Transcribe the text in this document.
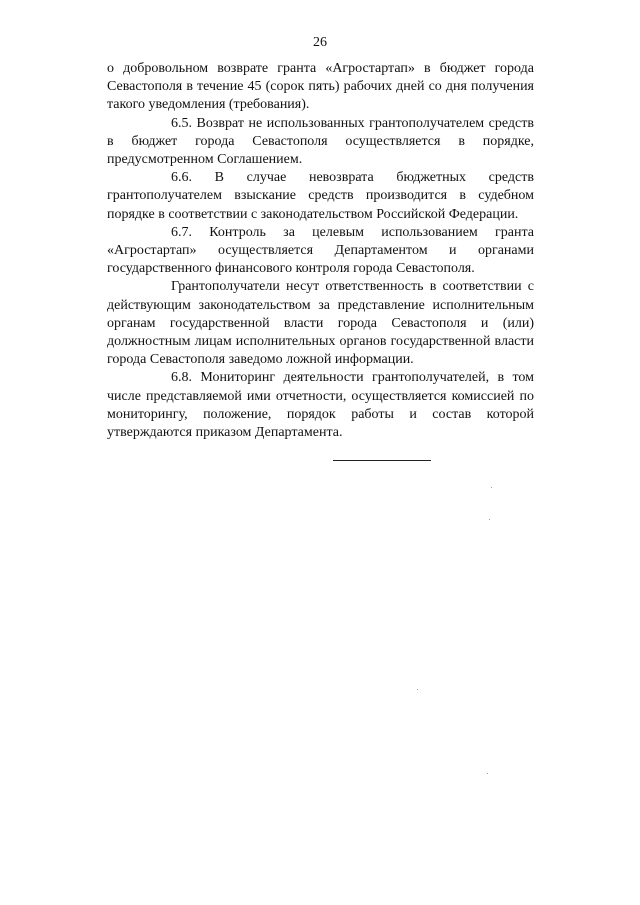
26

о добровольном возврате гранта «Агростартап» в бюджет города Севастополя в течение 45 (сорок пять) рабочих дней со дня получения такого уведомления (требования).

6.5. Возврат не использованных грантополучателем средств в бюджет города Севастополя осуществляется в порядке, предусмотренном Соглашением.

6.6. В случае невозврата бюджетных средств грантополучателем взыскание средств производится в судебном порядке в соответствии с законодательством Российской Федерации.

6.7. Контроль за целевым использованием гранта «Агростартап» осуществляется Департаментом и органами государственного финансового контроля города Севастополя.

Грантополучатели несут ответственность в соответствии с действующим законодательством за представление исполнительным органам государственной власти города Севастополя и (или) должностным лицам исполнительных органов государственной власти города Севастополя заведомо ложной информации.

6.8. Мониторинг деятельности грантополучателей, в том числе представляемой ими отчетности, осуществляется комиссией по мониторингу, положение, порядок работы и состав которой утверждаются приказом Департамента.
